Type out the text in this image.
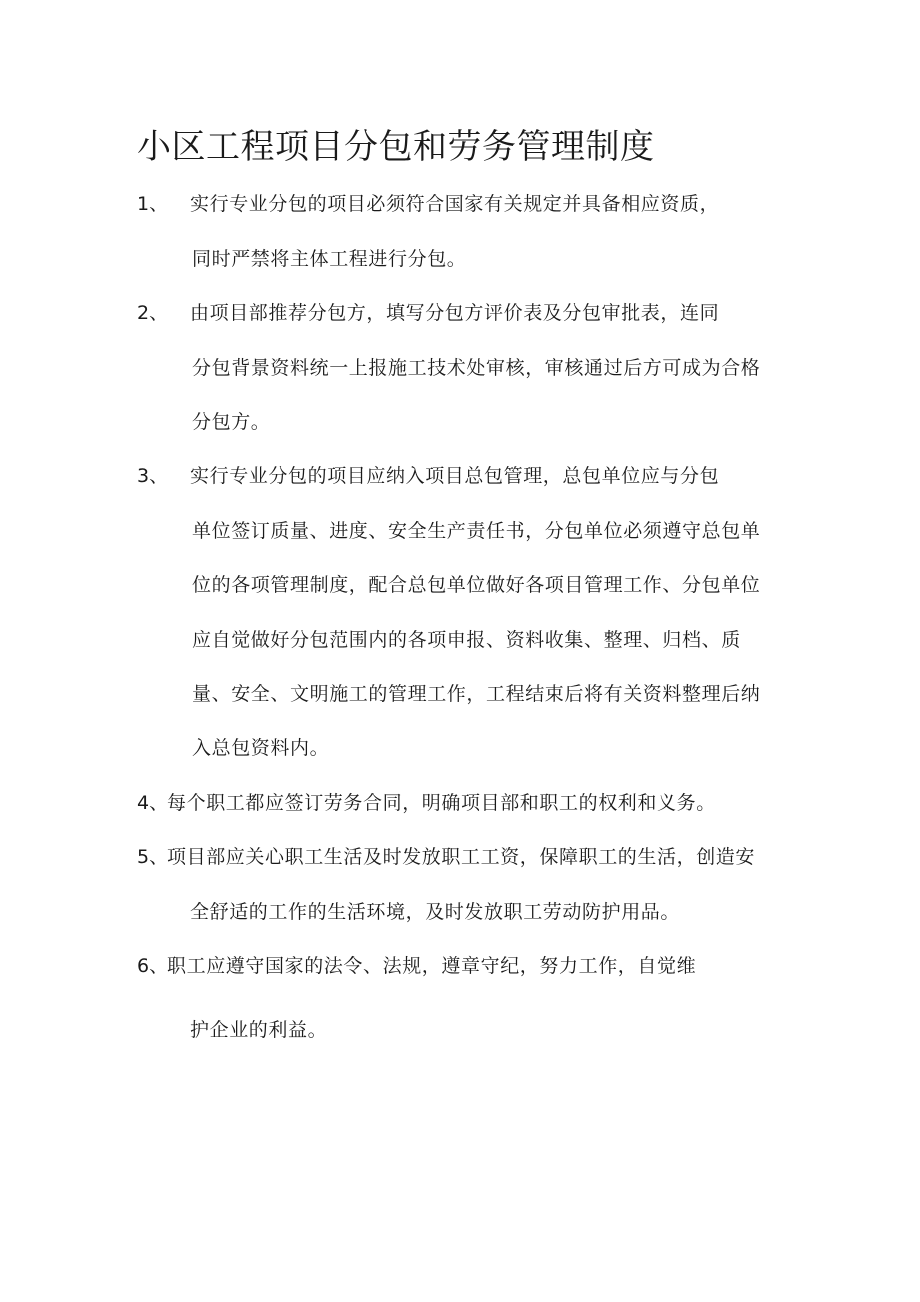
小区工程项目分包和劳务管理制度
1、 实行专业分包的项目必须符合国家有关规定并具备相应资质，
同时严禁将主体工程进行分包。
2、 由项目部推荐分包方，填写分包方评价表及分包审批表，连同
分包背景资料统一上报施工技术处审核，审核通过后方可成为合格
分包方。
3、 实行专业分包的项目应纳入项目总包管理，总包单位应与分包
单位签订质量、进度、安全生产责任书，分包单位必须遵守总包单
位的各项管理制度，配合总包单位做好各项目管理工作、分包单位
应自觉做好分包范围内的各项申报、资料收集、整理、归档、质
量、安全、文明施工的管理工作，工程结束后将有关资料整理后纳
入总包资料内。
4、
每个职工都应签订劳务合同，明确项目部和职工的权利和义务。
5、
项目部应关心职工生活及时发放职工工资，保障职工的生活，创造安
全舒适的工作的生活环境，及时发放职工劳动防护用品。
6、
职工应遵守国家的法令、法规，遵章守纪，努力工作，自觉维
护企业的利益。
